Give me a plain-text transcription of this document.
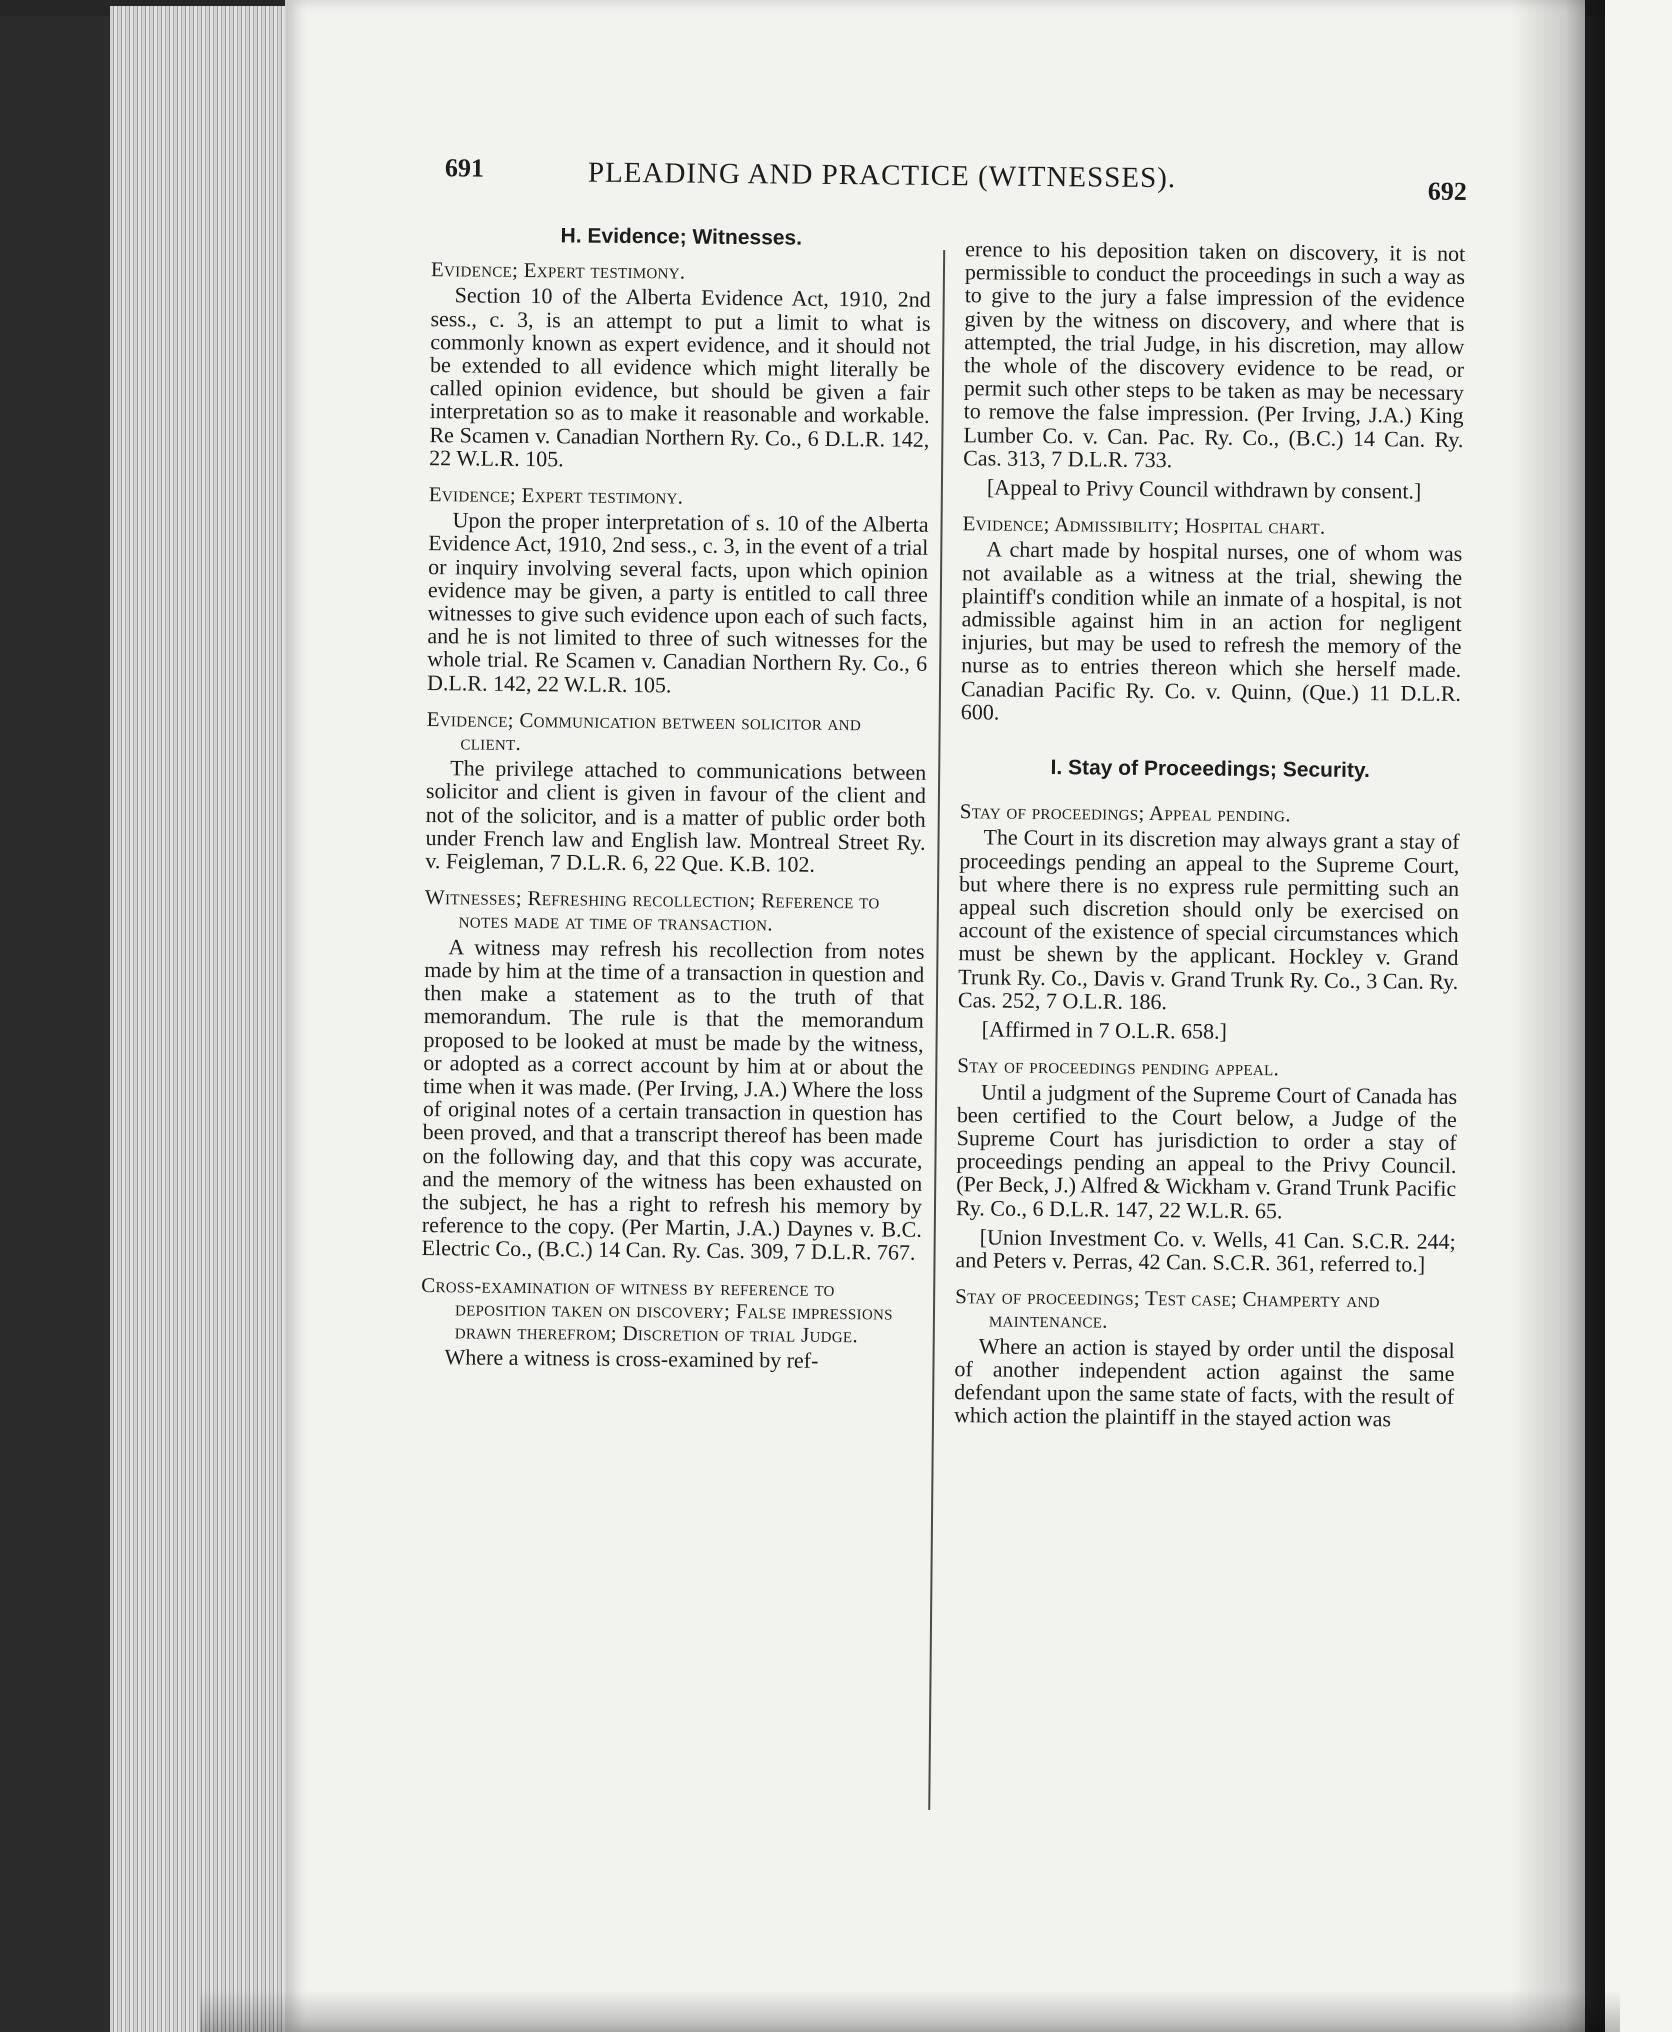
691	PLEADING AND PRACTICE (WITNESSES).	692
H. Evidence; Witnesses.
Evidence; Expert testimony.

Section 10 of the Alberta Evidence Act, 1910, 2nd sess., c. 3, is an attempt to put a limit to what is commonly known as expert evidence, and it should not be extended to all evidence which might literally be called opinion evidence, but should be given a fair interpretation so as to make it reasonable and workable. Re Scamen v. Canadian Northern Ry. Co., 6 D.L.R. 142, 22 W.L.R. 105.

Evidence; Expert testimony.

Upon the proper interpretation of s. 10 of the Alberta Evidence Act, 1910, 2nd sess., c. 3, in the event of a trial or inquiry involving several facts, upon which opinion evidence may be given, a party is entitled to call three witnesses to give such evidence upon each of such facts, and he is not limited to three of such witnesses for the whole trial. Re Scamen v. Canadian Northern Ry. Co., 6 D.L.R. 142, 22 W.L.R. 105.

Evidence; Communication between solicitor and client.

The privilege attached to communications between solicitor and client is given in favour of the client and not of the solicitor, and is a matter of public order both under French law and English law. Montreal Street Ry. v. Feigleman, 7 D.L.R. 6, 22 Que. K.B. 102.

Witnesses; Refreshing recollection; Reference to notes made at time of transaction.

A witness may refresh his recollection from notes made by him at the time of a transaction in question and then make a statement as to the truth of that memorandum. The rule is that the memorandum proposed to be looked at must be made by the witness, or adopted as a correct account by him at or about the time when it was made. (Per Irving, J.A.) Where the loss of original notes of a certain transaction in question has been proved, and that a transcript thereof has been made on the following day, and that this copy was accurate, and the memory of the witness has been exhausted on the subject, he has a right to refresh his memory by reference to the copy. (Per Martin, J.A.) Daynes v. B.C. Electric Co., (B.C.) 14 Can. Ry. Cas. 309, 7 D.L.R. 767.

Cross-examination of witness by reference to deposition taken on discovery; False impressions drawn therefrom; Discretion of trial Judge.

Where a witness is cross-examined by ref-

erence to his deposition taken on discovery, it is not permissible to conduct the proceedings in such a way as to give to the jury a false impression of the evidence given by the witness on discovery, and where that is attempted, the trial Judge, in his discretion, may allow the whole of the discovery evidence to be read, or permit such other steps to be taken as may be necessary to remove the false impression. (Per Irving, J.A.) King Lumber Co. v. Can. Pac. Ry. Co., (B.C.) 14 Can. Ry. Cas. 313, 7 D.L.R. 733.

[Appeal to Privy Council withdrawn by consent.]

Evidence; Admissibility; Hospital chart.

A chart made by hospital nurses, one of whom was not available as a witness at the trial, shewing the plaintiff's condition while an inmate of a hospital, is not admissible against him in an action for negligent injuries, but may be used to refresh the memory of the nurse as to entries thereon which she herself made. Canadian Pacific Ry. Co. v. Quinn, (Que.) 11 D.L.R. 600.

I. Stay of Proceedings; Security.
Stay of proceedings; Appeal pending.

The Court in its discretion may always grant a stay of proceedings pending an appeal to the Supreme Court, but where there is no express rule permitting such an appeal such discretion should only be exercised on account of the existence of special circumstances which must be shewn by the applicant. Hockley v. Grand Trunk Ry. Co., Davis v. Grand Trunk Ry. Co., 3 Can. Ry. Cas. 252, 7 O.L.R. 186.

[Affirmed in 7 O.L.R. 658.]

Stay of proceedings pending appeal.

Until a judgment of the Supreme Court of Canada has been certified to the Court below, a Judge of the Supreme Court has jurisdiction to order a stay of proceedings pending an appeal to the Privy Council. (Per Beck, J.) Alfred & Wickham v. Grand Trunk Pacific Ry. Co., 6 D.L.R. 147, 22 W.L.R. 65.

[Union Investment Co. v. Wells, 41 Can. S.C.R. 244; and Peters v. Perras, 42 Can. S.C.R. 361, referred to.]

Stay of proceedings; Test case; Champerty and maintenance.

Where an action is stayed by order until the disposal of another independent action against the same defendant upon the same state of facts, with the result of which action the plaintiff in the stayed action was
